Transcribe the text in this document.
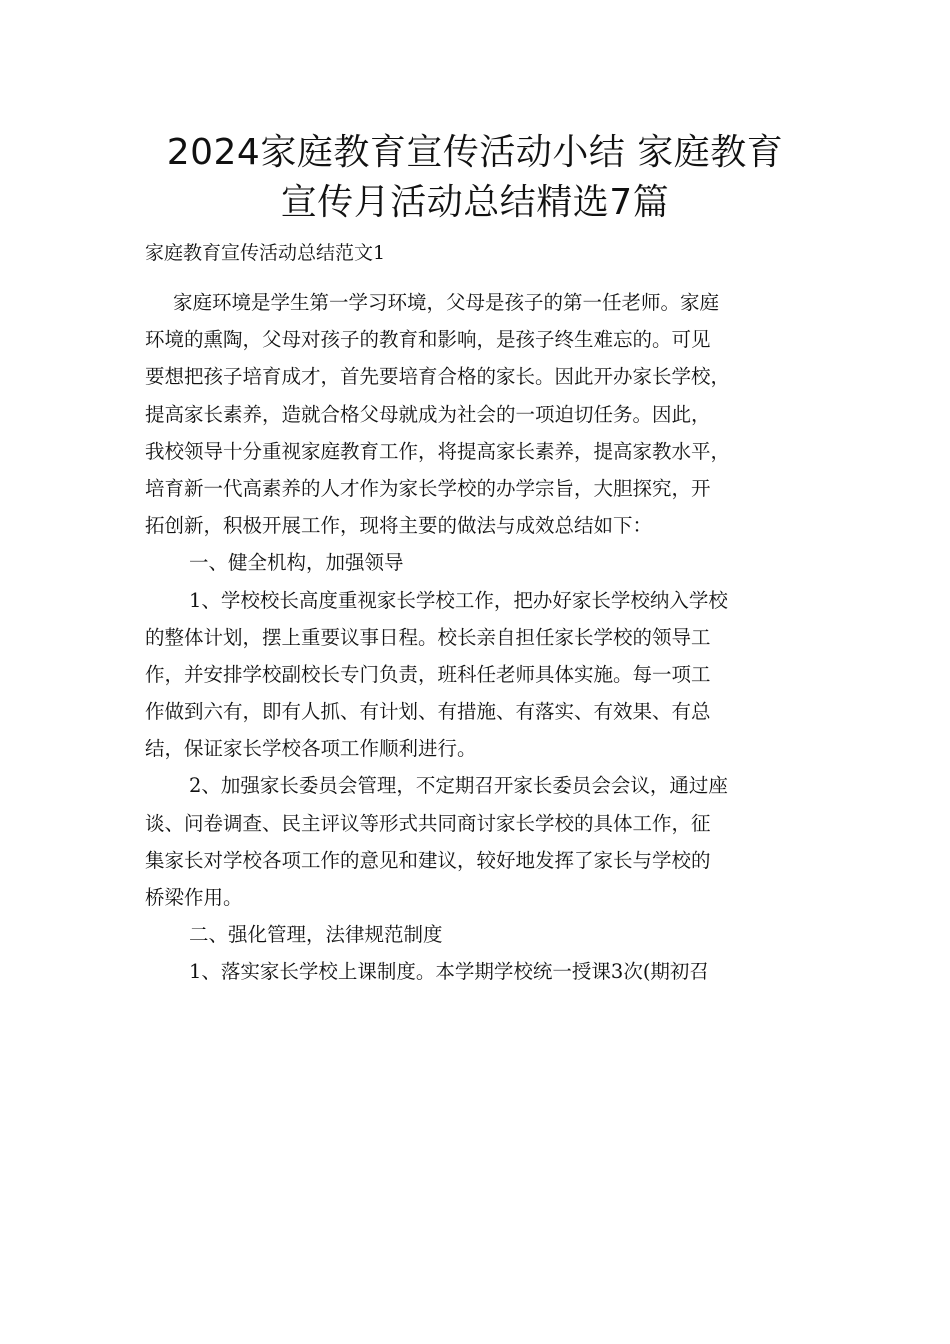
2024家庭教育宣传活动小结 家庭教育
宣传月活动总结精选7篇

家庭教育宣传活动总结范文1

家庭环境是学生第一学习环境，父母是孩子的第一任老师。家庭
环境的熏陶，父母对孩子的教育和影响，是孩子终生难忘的。可见
要想把孩子培育成才，首先要培育合格的家长。因此开办家长学校，
提高家长素养，造就合格父母就成为社会的一项迫切任务。因此，
我校领导十分重视家庭教育工作，将提高家长素养，提高家教水平，
培育新一代高素养的人才作为家长学校的办学宗旨，大胆探究，开
拓创新，积极开展工作，现将主要的做法与成效总结如下：
一、健全机构，加强领导
1、学校校长高度重视家长学校工作，把办好家长学校纳入学校
的整体计划，摆上重要议事日程。校长亲自担任家长学校的领导工
作，并安排学校副校长专门负责，班科任老师具体实施。每一项工
作做到六有，即有人抓、有计划、有措施、有落实、有效果、有总
结，保证家长学校各项工作顺利进行。
2、加强家长委员会管理，不定期召开家长委员会会议，通过座
谈、问卷调查、民主评议等形式共同商讨家长学校的具体工作，征
集家长对学校各项工作的意见和建议，较好地发挥了家长与学校的
桥梁作用。
二、强化管理，法律规范制度
1、落实家长学校上课制度。本学期学校统一授课3次(期初召
